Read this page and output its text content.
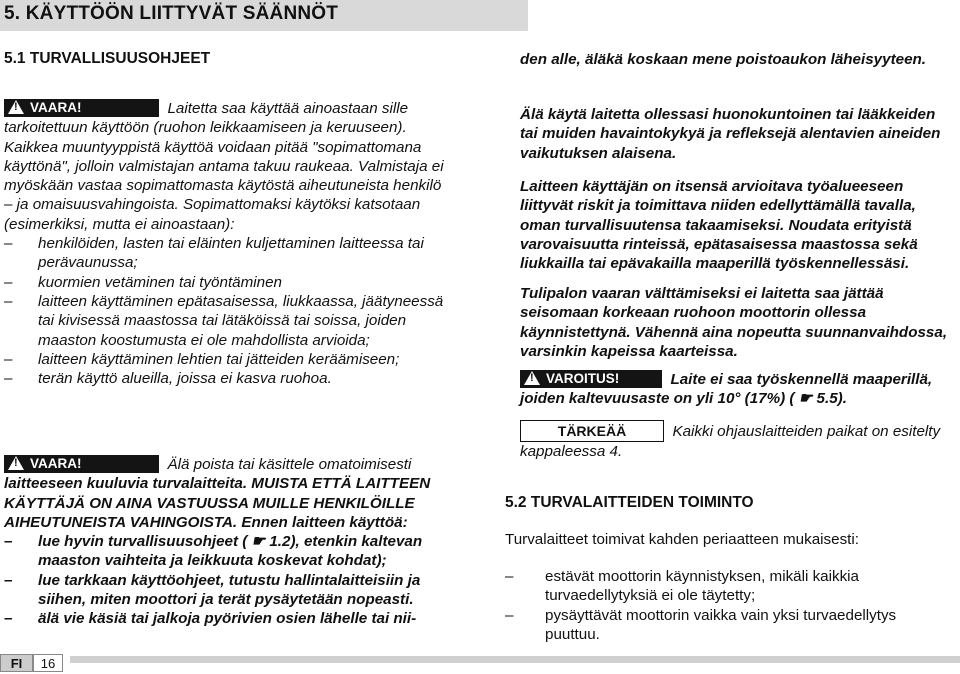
5. KÄYTTÖÖN LIITTYVÄT SÄÄNNÖT
5.1 TURVALLISUUSOHJEET

!VAARA!	Laitetta saa käyttää ainoastaan sille tarkoitettuun käyttöön (ruohon leikkaamiseen ja keruuseen). Kaikkea muuntyyppistä käyttöä voidaan pitää "sopimattomana käyttönä", jolloin valmistajan antama takuu raukeaa. Valmistaja ei myöskään vastaa sopimattomasta käytöstä aiheutuneista henkilö – ja omaisuusvahingoista. Sopimattomaksi käytöksi katsotaan (esimerkiksi, mutta ei ainoastaan):

– henkilöiden, lasten tai eläinten kuljettaminen laitteessa tai perävaunussa;
– kuormien vetäminen tai työntäminen
– laitteen käyttäminen epätasaisessa, liukkaassa, jäätyneessä tai kivisessä maastossa tai lätäköissä tai soissa, joiden maaston koostumusta ei ole mahdollista arvioida;
– laitteen käyttäminen lehtien tai jätteiden keräämiseen;
– terän käyttö alueilla, joissa ei kasva ruohoa.

!VAARA!	Älä poista tai käsittele omatoimisesti laitteeseen kuuluvia turvalaitteita. MUISTA ETTÄ LAITTEEN KÄYTTÄJÄ ON AINA VASTUUSSA MUILLE HENKILÖILLE AIHEUTUNEISTA VAHINGOISTA. Ennen laitteen käyttöä:

– lue hyvin turvallisuusohjeet ( ☛ 1.2), etenkin kaltevan maaston vaihteita ja leikkuuta koskevat kohdat);
– lue tarkkaan käyttöohjeet, tutustu hallintalaitteisiin ja siihen, miten moottori ja terät pysäytetään nopeasti.
– älä vie käsiä tai jalkoja pyörivien osien lähelle tai nii-
den alle, äläkä koskaan mene poistoaukon läheisyyteen.
Älä käytä laitetta ollessasi huonokuntoinen tai lääkkeiden tai muiden havaintokykyä ja refleksejä alentavien aineiden vaikutuksen alaisena.
Laitteen käyttäjän on itsensä arvioitava työalueeseen liittyvät riskit ja toimittava niiden edellyttämällä tavalla, oman turvallisuutensa takaamiseksi. Noudata erityistä varovaisuutta rinteissä, epätasaisessa maastossa sekä liukkailla tai epävakailla maaperillä työskennellessäsi.
Tulipalon vaaran välttämiseksi ei laitetta saa jättää seisomaan korkeaan ruohoon moottorin ollessa käynnistettynä. Vähennä aina nopeutta suunnanvaihdossa, varsinkin kapeissa kaarteissa.
!VAROITUS!	Laite ei saa työskennellä maaperillä, joiden kaltevuusaste on yli 10° (17%) ( ☛ 5.5).
TÄRKEÄÄ	Kaikki ohjauslaitteiden paikat on esitelty kappaleessa 4.
5.2 TURVALAITTEIDEN TOIMINTO
Turvalaitteet toimivat kahden periaatteen mukaisesti:
– estävät moottorin käynnistyksen, mikäli kaikkia turvaedellytyksiä ei ole täytetty;
– pysäyttävät moottorin vaikka vain yksi turvaedellytys puuttuu.
FI	16
